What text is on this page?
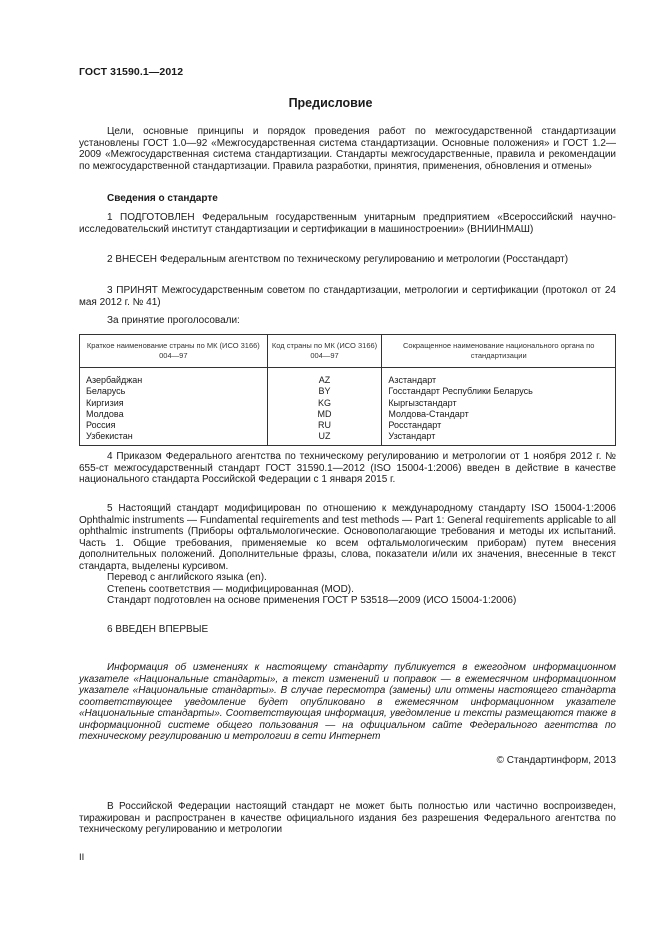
ГОСТ 31590.1—2012
Предисловие

Цели, основные принципы и порядок проведения работ по межгосударственной стандартизации установлены ГОСТ 1.0—92 «Межгосударственная система стандартизации. Основные положения» и ГОСТ 1.2—2009 «Межгосударственная система стандартизации. Стандарты межгосударственные, правила и рекомендации по межгосударственной стандартизации. Правила разработки, принятия, применения, обновления и отмены»

Сведения о стандарте

1 ПОДГОТОВЛЕН Федеральным государственным унитарным предприятием «Всероссийский научно-исследовательский институт стандартизации и сертификации в машиностроении» (ВНИИНМАШ)

2 ВНЕСЕН Федеральным агентством по техническому регулированию и метрологии (Росстандарт)

3 ПРИНЯТ Межгосударственным советом по стандартизации, метрологии и сертификации (протокол от 24 мая 2012 г. № 41)

За принятие проголосовали:

Краткое наименование страны по МК (ИСО 3166) 004—97	Код страны по МК (ИСО 3166) 004—97	Сокращенное наименование национального органа по стандартизации
Азербайджан	AZ	Азстандарт
Беларусь	BY	Госстандарт Республики Беларусь
Киргизия	KG	Кыргызстандарт
Молдова	MD	Молдова-Стандарт
Россия	RU	Росстандарт
Узбекистан	UZ	Узстандарт

4 Приказом Федерального агентства по техническому регулированию и метрологии от 1 ноября 2012 г. № 655-ст межгосударственный стандарт ГОСТ 31590.1—2012 (ISO 15004-1:2006) введен в действие в качестве национального стандарта Российской Федерации с 1 января 2015 г.

5 Настоящий стандарт модифицирован по отношению к международному стандарту ISO 15004-1:2006 Ophthalmic instruments — Fundamental requirements and test methods — Part 1: General requirements applicable to all ophthalmic instruments (Приборы офтальмологические. Основополагающие требования и методы их испытаний. Часть 1. Общие требования, применяемые ко всем офтальмологическим приборам) путем внесения дополнительных положений. Дополнительные фразы, слова, показатели и/или их значения, внесенные в текст стандарта, выделены курсивом.

Перевод с английского языка (en).

Степень соответствия — модифицированная (MOD).

Стандарт подготовлен на основе применения ГОСТ Р 53518—2009 (ИСО 15004-1:2006)

6 ВВЕДЕН ВПЕРВЫЕ

Информация об изменениях к настоящему стандарту публикуется в ежегодном информационном указателе «Национальные стандарты», а текст изменений и поправок — в ежемесячном информационном указателе «Национальные стандарты». В случае пересмотра (замены) или отмены настоящего стандарта соответствующее уведомление будет опубликовано в ежемесячном информационном указателе «Национальные стандарты». Соответствующая информация, уведомление и тексты размещаются также в информационной системе общего пользования — на официальном сайте Федерального агентства по техническому регулированию и метрологии в сети Интернет

© Стандартинформ, 2013

В Российской Федерации настоящий стандарт не может быть полностью или частично воспроизведен, тиражирован и распространен в качестве официального издания без разрешения Федерального агентства по техническому регулированию и метрологии

II
